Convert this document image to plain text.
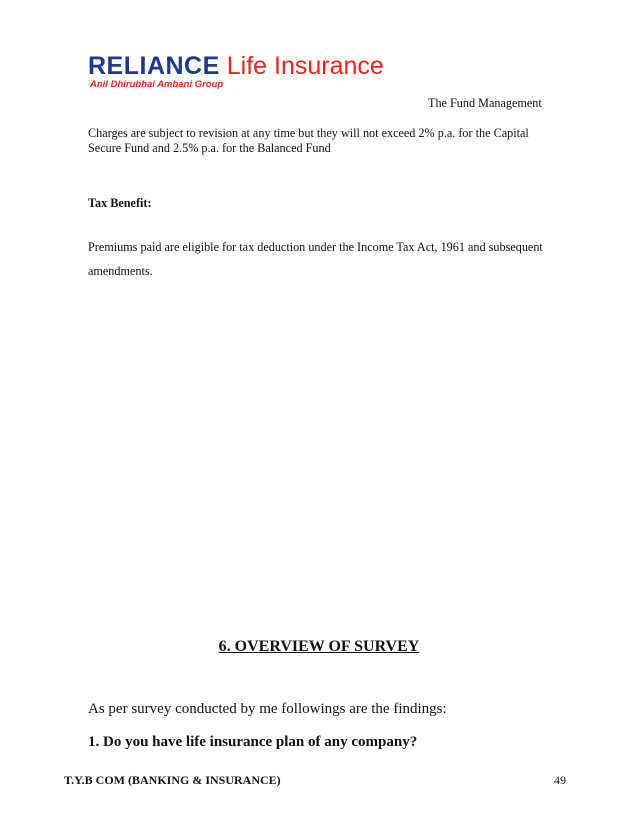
RELIANCE Life Insurance
Anil Dhirubhai Ambani Group
The Fund Management
Charges are subject to revision at any time but they will not exceed 2% p.a. for the Capital
Secure Fund and 2.5% p.a. for the Balanced Fund
Tax Benefit:
Premiums paid are eligible for tax deduction under the Income Tax Act, 1961 and subsequent
amendments.
6. OVERVIEW OF SURVEY
As per survey conducted by me followings are the findings:
1. Do you have life insurance plan of any company?
T.Y.B COM (BANKING & INSURANCE)	49
